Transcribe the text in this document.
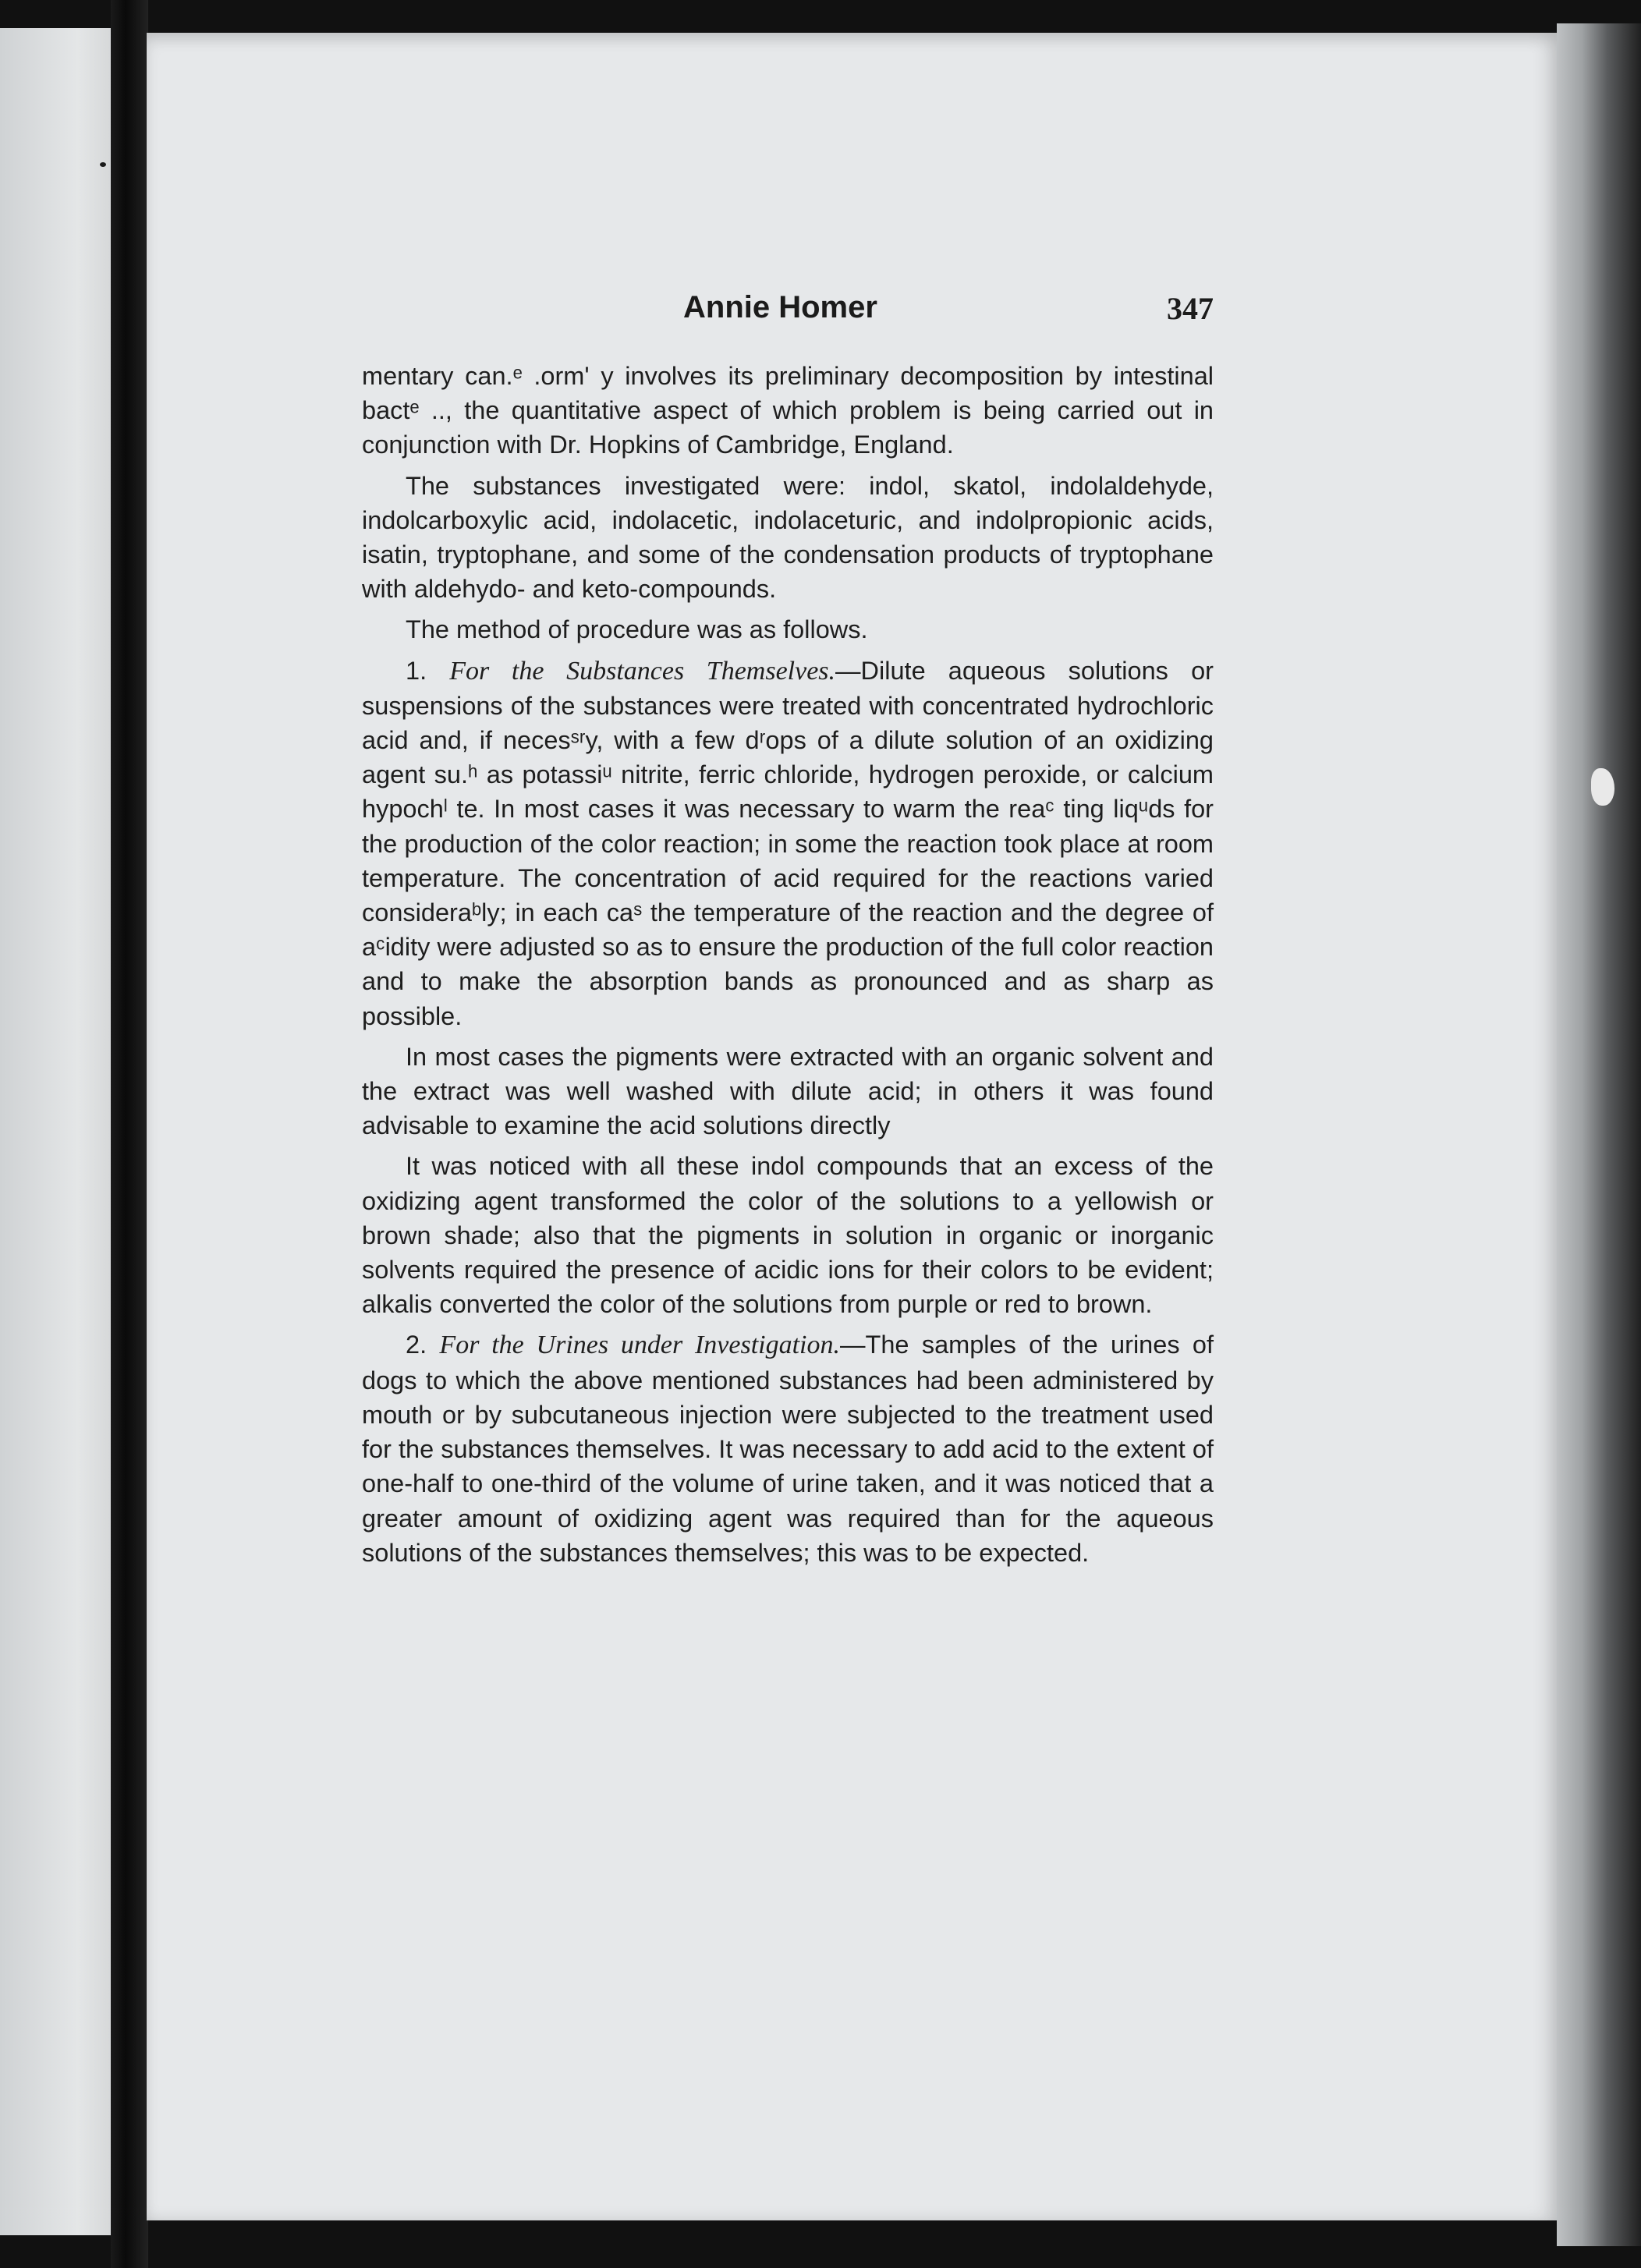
Annie Homer	347

mentary can.ᵉ .ormʹ y involves its preliminary decomposition by intestinal bactᵉ .., the quantitative aspect of which problem is being carried out in conjunction with Dr. Hopkins of Cambridge, England.

The substances investigated were: indol, skatol, indolaldehyde, indolcarboxylic acid, indolacetic, indolaceturic, and indolpropionic acids, isatin, tryptophane, and some of the condensation products of tryptophane with aldehydo- and keto-compounds.

The method of procedure was as follows.

1. For the Substances Themselves.—Dilute aqueous solutions or suspensions of the substances were treated with concentrated hydrochloric acid and, if necesˢʳy, with a few dʳops of a dilute solution of an oxidizing agent su.ʰ as potassiᵘ nitrite, ferric chloride, hydrogen peroxide, or calcium hypochˡ te. In most cases it was necessary to warm the reaᶜ ting liqᵘds for the production of the color reaction; in some the reaction took place at room temperature. The concentration of acid required for the reactions varied consideraᵇly; in each caˢ the temperature of the reaction and the degree of aᶜidity were adjusted so as to ensure the production of the full color reaction and to make the absorption bands as pronounced and as sharp as possible.

In most cases the pigments were extracted with an organic solvent and the extract was well washed with dilute acid; in others it was found advisable to examine the acid solutions directly

It was noticed with all these indol compounds that an excess of the oxidizing agent transformed the color of the solutions to a yellowish or brown shade; also that the pigments in solution in organic or inorganic solvents required the presence of acidic ions for their colors to be evident; alkalis converted the color of the solutions from purple or red to brown.

2. For the Urines under Investigation.—The samples of the urines of dogs to which the above mentioned substances had been administered by mouth or by subcutaneous injection were subjected to the treatment used for the substances themselves. It was necessary to add acid to the extent of one-half to one-third of the volume of urine taken, and it was noticed that a greater amount of oxidizing agent was required than for the aqueous solutions of the substances themselves; this was to be expected.
